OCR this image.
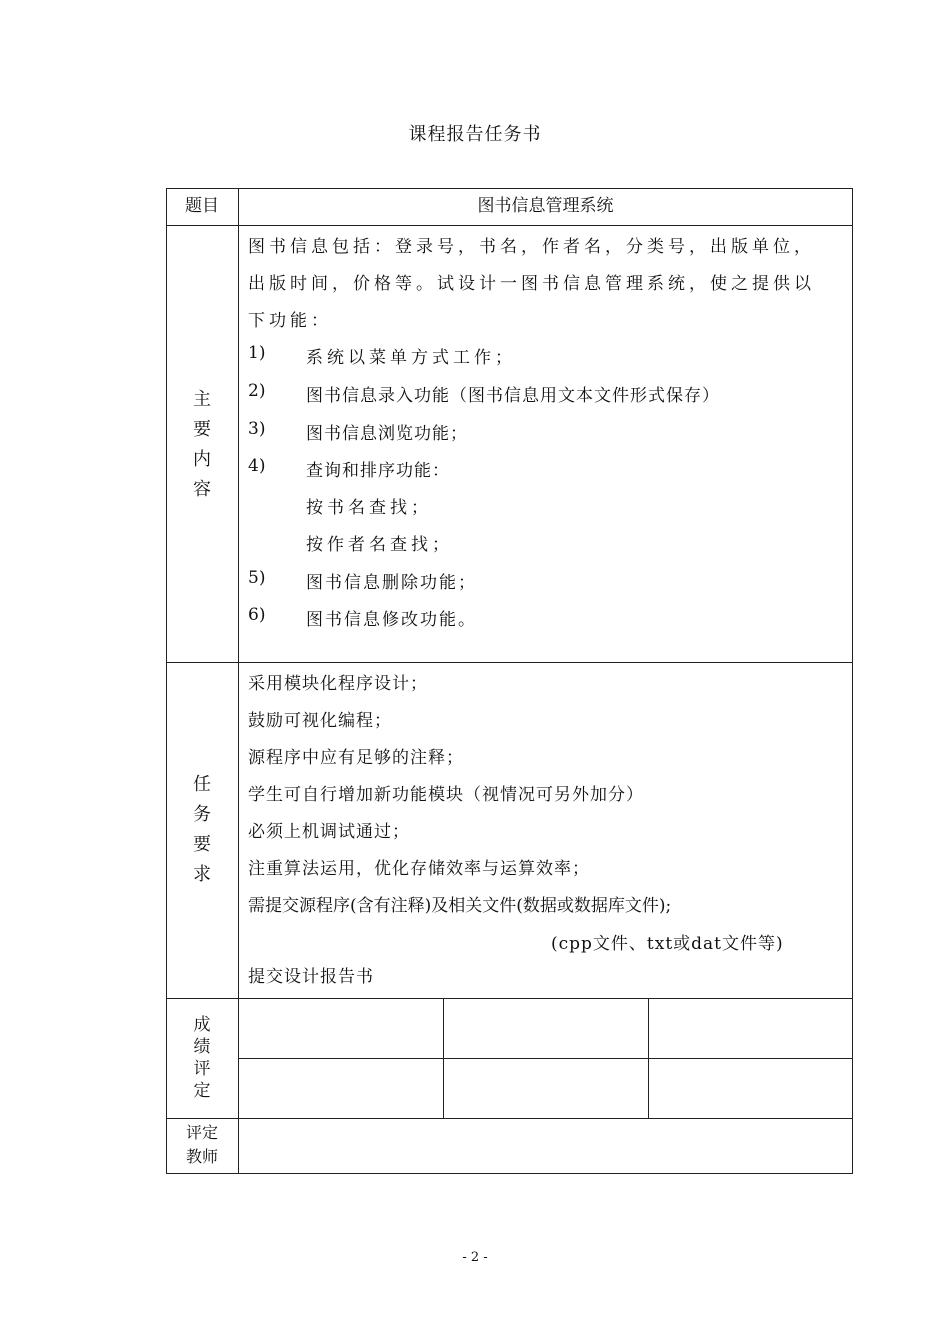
课程报告任务书
题目	图书信息管理系统
主
要
内
容
图书信息包括：登录号，书名，作者名，分类号，出版单位，
出版时间，价格等。试设计一图书信息管理系统，使之提供以
下功能：
1) 系统以菜单方式工作；
2) 图书信息录入功能（图书信息用文本文件形式保存）
3) 图书信息浏览功能；
4) 查询和排序功能：
按书名查找；
按作者名查找；
5) 图书信息删除功能；
6) 图书信息修改功能。
任
务
要
求
采用模块化程序设计；
鼓励可视化编程；
源程序中应有足够的注释；
学生可自行增加新功能模块（视情况可另外加分）
必须上机调试通过；
注重算法运用，优化存储效率与运算效率；
需提交源程序(含有注释)及相关文件(数据或数据库文件);
(cpp文件、txt或dat文件等)
提交设计报告书
成
绩
评
定
评定
教师
- 2 -
